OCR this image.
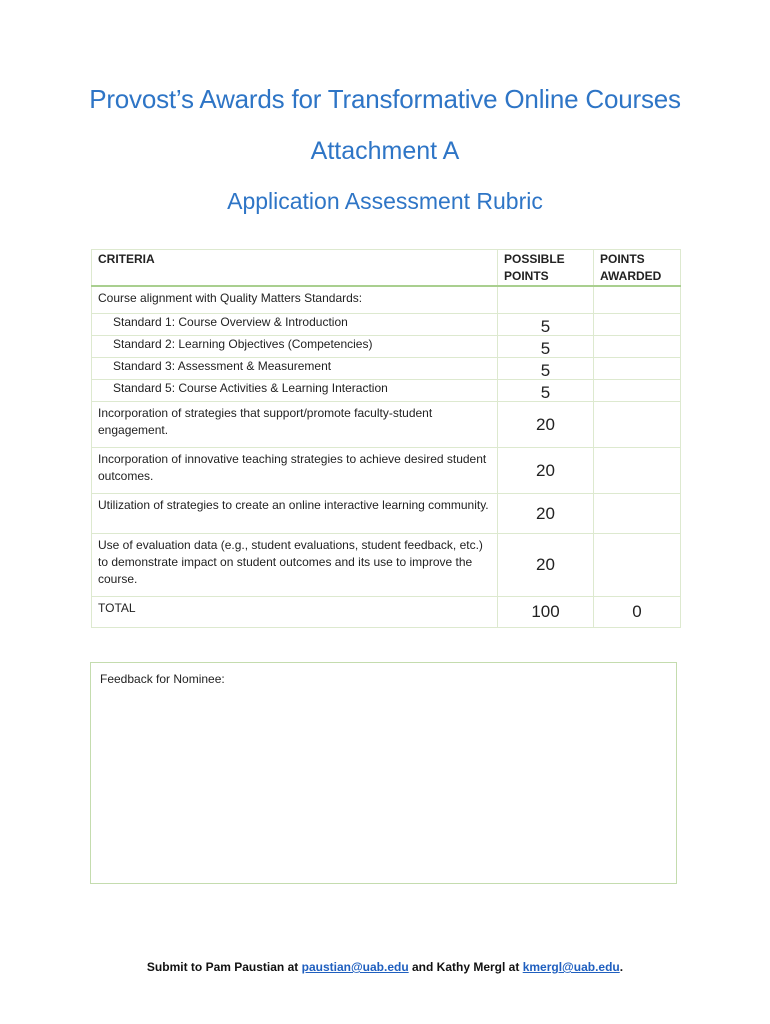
Provost’s Awards for Transformative Online Courses
Attachment A
Application Assessment Rubric
CRITERIA	POSSIBLE POINTS	POINTS AWARDED
Course alignment with Quality Matters Standards:		
Standard 1: Course Overview & Introduction	5	
Standard 2: Learning Objectives (Competencies)	5	
Standard 3: Assessment & Measurement	5	
Standard 5: Course Activities & Learning Interaction	5	
Incorporation of strategies that support/promote faculty-student engagement.	20	
Incorporation of innovative teaching strategies to achieve desired student outcomes.	20	
Utilization of strategies to create an online interactive learning community.	20	
Use of evaluation data (e.g., student evaluations, student feedback, etc.) to demonstrate impact on student outcomes and its use to improve the course.	20	
TOTAL	100	0
Feedback for Nominee:
Submit to Pam Paustian at paustian@uab.edu and Kathy Mergl at kmergl@uab.edu.
